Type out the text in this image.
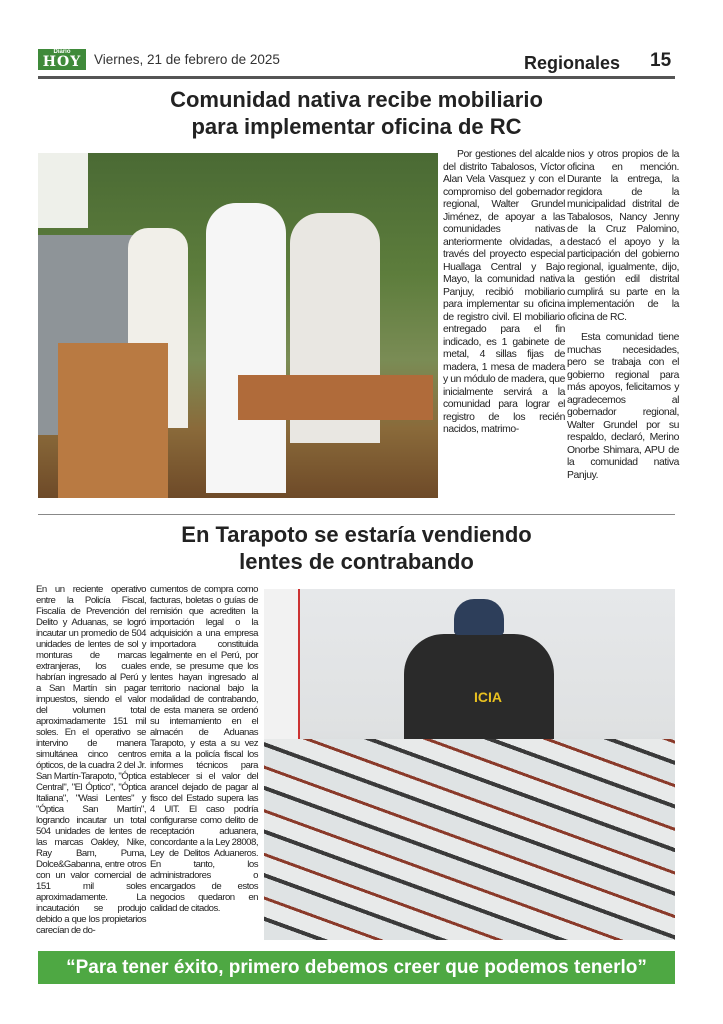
Diario
HOY Viernes, 21 de febrero de 2025	Regionales 15
Comunidad nativa recibe mobiliario
para implementar oficina de RC

Por gestiones del alcalde del distrito Tabalosos, Víctor Alan Vela Vasquez y con el compromiso del gobernador regional, Walter Grundel Jiménez, de apoyar a las comunidades nativas anteriormente olvidadas, a través del proyecto especial Huallaga Central y Bajo Mayo, la comunidad nativa Panjuy, recibió mobiliario para implementar su oficina de registro civil. El mobiliario entregado para el fin indicado, es 1 gabinete de metal, 4 sillas fijas de madera, 1 mesa de madera y un módulo de madera, que inicialmente servirá a la comunidad para lograr el registro de los recién nacidos, matrimo-

nios y otros propios de la oficina en mención. Durante la entrega, la regidora de la municipalidad distrital de Tabalosos, Nancy Jenny de la Cruz Palomino, destacó el apoyo y la participación del gobierno regional, igualmente, dijo, la gestión edil distrital cumplirá su parte en la implementación de la oficina de RC.

Esta comunidad tiene muchas necesidades, pero se trabaja con el gobierno regional para más apoyos, felicitamos y agradecemos al gobernador regional, Walter Grundel por su respaldo, declaró, Merino Onorbe Shimara, APU de la comunidad nativa Panjuy.

En Tarapoto se estaría vendiendo
lentes de contrabando

En un reciente operativo entre la Policía Fiscal, Fiscalía de Prevención del Delito y Aduanas, se logró incautar un promedio de 504 unidades de lentes de sol y monturas de marcas extranjeras, los cuales habrían ingresado al Perú y a San Martín sin pagar impuestos, siendo el valor del volumen total aproximadamente 151 mil soles. En el operativo se intervino de manera simultánea cinco centros ópticos, de la cuadra 2 del Jr. San Martín-Tarapoto, "Óptica Central", "El Óptico", "Óptica Italiana", "Wasi Lentes" y "Óptica San Martín", logrando incautar un total 504 unidades de lentes de las marcas Oakley, Nike, Ray Bam, Puma, Dolce&Gabanna, entre otros con un valor comercial de 151 mil soles aproximadamente. La incautación se produjo debido a que los propietarios carecían de do-

cumentos de compra como facturas, boletas o guías de remisión que acrediten la importación legal o la adquisición a una empresa importadora constituida legalmente en el Perú, por ende, se presume que los lentes hayan ingresado al territorio nacional bajo la modalidad de contrabando, de esta manera se ordenó su internamiento en el almacén de Aduanas Tarapoto, y esta a su vez emita a la policía fiscal los informes técnicos para establecer si el valor del arancel dejado de pagar al fisco del Estado supera las 4 UIT. El caso podría configurarse como delito de receptación aduanera, concordante a la Ley 28008, Ley de Delitos Aduaneros. En tanto, los administradores o encargados de estos negocios quedaron en calidad de citados.

ICIA
“Para tener éxito, primero debemos creer que podemos tenerlo”
